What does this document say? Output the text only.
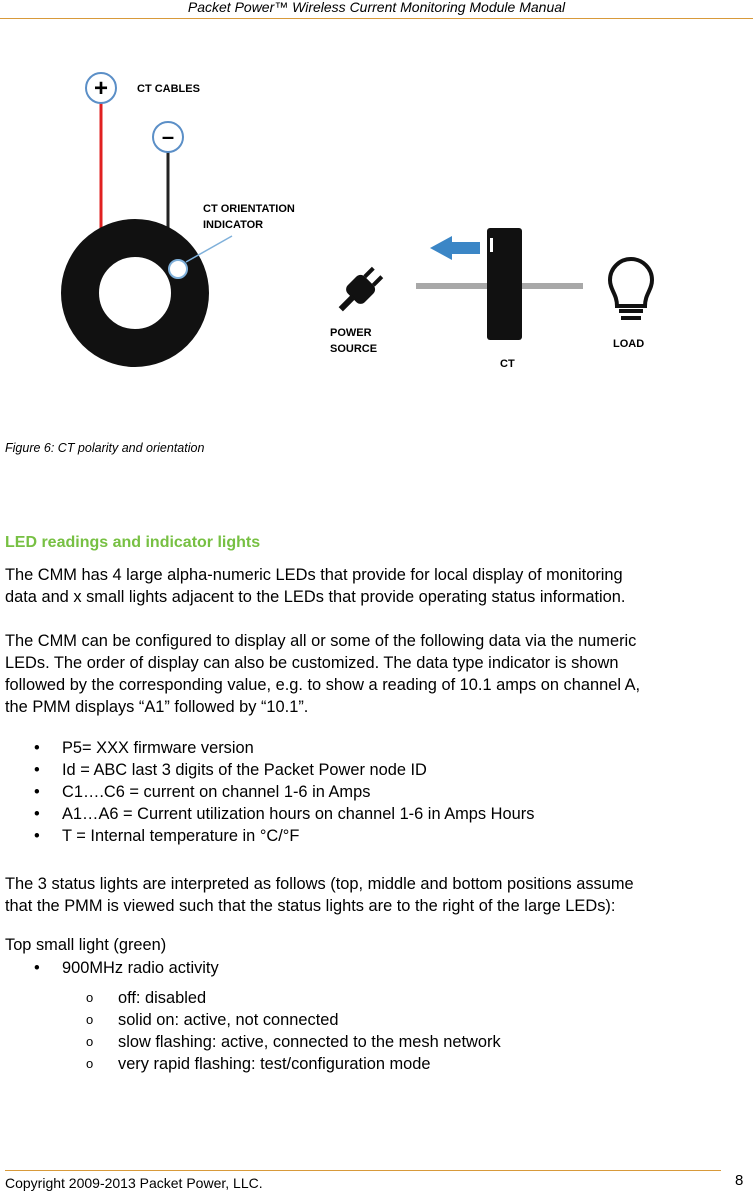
Packet Power™ Wireless Current Monitoring Module Manual
+
–
CT CABLES
CT ORIENTATION
INDICATOR
POWER
SOURCE
CT
LOAD
Figure 6: CT polarity and orientation
LED readings and indicator lights
The CMM has 4 large alpha-numeric LEDs that provide for local display of monitoring
data and x small lights adjacent to the LEDs that provide operating status information.
The CMM can be configured to display all or some of the following data via the numeric
LEDs. The order of display can also be customized. The data type indicator is shown
followed by the corresponding value, e.g. to show a reading of 10.1 amps on channel A,
the PMM displays “A1” followed by “10.1”.
• P5= XXX firmware version
• Id = ABC last 3 digits of the Packet Power node ID
• C1….C6 = current on channel 1-6 in Amps
• A1…A6 = Current utilization hours on channel 1-6 in Amps Hours
• T = Internal temperature in °C/°F
The 3 status lights are interpreted as follows (top, middle and bottom positions assume
that the PMM is viewed such that the status lights are to the right of the large LEDs):
Top small light (green)
• 900MHz radio activity
o off: disabled
o solid on: active, not connected
o slow flashing: active, connected to the mesh network
o very rapid flashing: test/configuration mode
Copyright 2009-2013 Packet Power, LLC.	8
